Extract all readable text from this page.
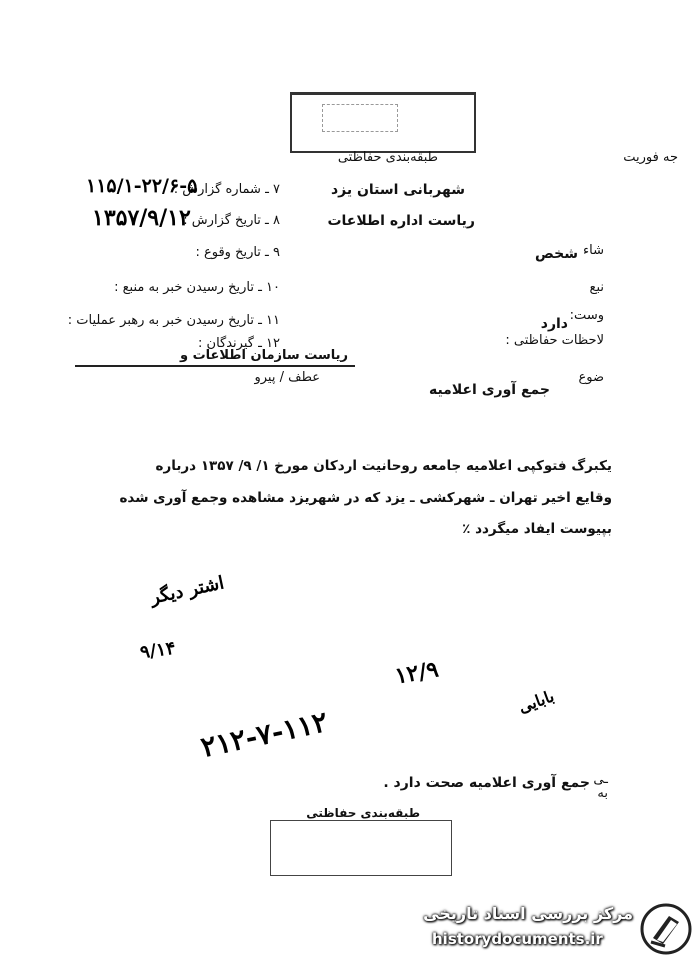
جه فوریت
طبقه‌بندی حفاظتی
شهربانی استان یزد
ریاست اداره اطلاعات
۷ ـ شماره گزارش :
۱۱۵/۱-۲۲/۶-۵
۸ ـ تاریخ گزارش :
۱۳۵۷/۹/۱۲
۹ ـ تاریخ وقوع :
۱۰ ـ تاریخ رسیدن خبر به منبع :
۱۱ ـ تاریخ رسیدن خبر به رهبر عملیات :
۱۲ ـ گیرندگان :
ریاست سازمان اطلاعات و
شاء
شخص
نبع
وست:
دارد
لاحظات حفاظتی :
عطف / پیرو	ضوع
جمع آوری اعلامیه
یکبرگ فتوکپی اعلامیه جامعه روحانیت اردکان مورخ ۱/ ۹/ ۱۳۵۷ درباره
وقایع اخیر تهران ـ شهرکشی ـ یزد که در شهریزد مشاهده وجمع آوری شده
بپیوست ایفاد میگردد ٪
اشتر دیگر
۹/۱۴
۱۲/۹
بابایی
۲۱۲-۷-۱۱۲
ـی
به
جمع آوری اعلامیه صحت دارد .
طبقه‌بندی حفاظتی
مرکز بررسی اسناد تاریخی
historydocuments.ir
